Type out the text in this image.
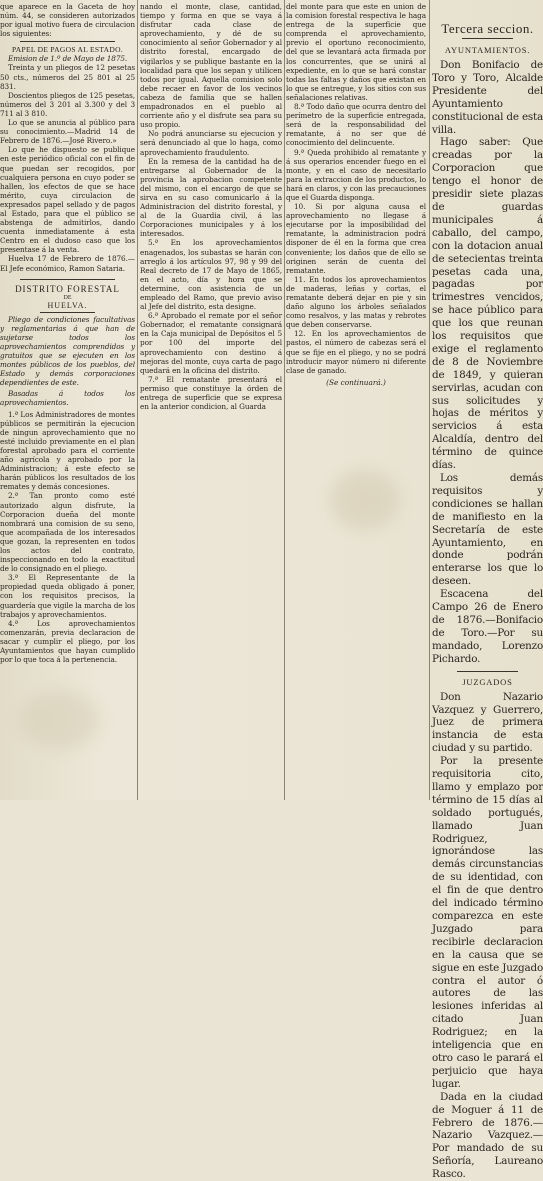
que aparece en la Gaceta de hoy núm. 44, se consideren autorizados por igual motivo fuera de circulacion los siguientes:

PAPEL DE PAGOS AL ESTADO.

Emision de 1.º de Mayo de 1875.

Treinta y un pliegos de 12 pesetas 50 cts., números del 25 801 al 25 831.

Doscientos pliegos de 125 pesetas, números del 3 201 al 3.300 y del 3 711 al 3 810.

Lo que se anuncia al público para su conocimiento.—Madrid 14 de Febrero de 1876.—José Rivero.»

Lo que he dispuesto se publique en este periódico oficial con el fin de que puedan ser recogidos, por cualquiera persona en cuyo poder se hallen, los efectos de que se hace mérito, cuya circulacion de expresados papel sellado y de pagos al Estado, para que el público se abstenga de admitirlos, dando cuenta inmediatamente á esta Centro en el dudoso caso que los presentase á la venta.

Huelva 17 de Febrero de 1876.—El Jefe económico, Ramon Sataria.

DISTRITO FORESTAL

DE

HUELVA.

Pliego de condiciones facultativas y reglamentarias á que han de sujetarse todos los aprovechamientos comprendidos y gratuitos que se ejecuten en los montes públicos de los pueblos, del Estado y demás corporaciones dependientes de este.

Basadas á todos los aprovechamientos.

1.ª Los Administradores de montes públicos se permitirán la ejecucion de ningun aprovechamiento que no esté incluido previamente en el plan forestal aprobado para el corriente año agrícola y aprobado por la Administracion; á este efecto se harán públicos los resultados de los remates y demás concesiones.

2.ª Tan pronto como esté autorizado algun disfrute, la Corporacion dueña del monte nombrará una comision de su seno, que acompañada de los interesados que gozan, la representen en todos los actos del contrato, inspeccionando en todo la exactitud de lo consignado en el pliego.

3.ª El Representante de la propiedad queda obligado á poner, con los requisitos precisos, la guardería que vigile la marcha de los trabajos y aprovechamientos.

4.ª Los aprovechamientos comenzarán, previa declaracion de sacar y cumplir el pliego, por los Ayuntamientos que hayan cumplido por lo que toca á la pertenencia.

nando el monte, clase, cantidad, tiempo y forma en que se vaya á disfrutar cada clase de aprovechamiento, y dé de su conocimiento al señor Gobernador y al distrito forestal, encargado de vigilarlos y se publique bastante en la localidad para que los sepan y utilicen todos por igual. Aquella comision solo debe recaer en favor de los vecinos cabeza de familia que se hallen empadronados en el pueblo al corriente año y el disfrute sea para su uso propio.

No podrá anunciarse su ejecucion y será denunciado al que lo haga, como aprovechamiento fraudulento.

En la remesa de la cantidad ha de entregarse al Gobernador de la provincia la aprobacion competente del mismo, con el encargo de que se sirva en su caso comunicarlo á la Administracion del distrito forestal, y al de la Guardia civil, á las Corporaciones municipales y á los interesados.

5.ª En los aprovechamientos enagenados, los subastas se harán con arreglo á los artículos 97, 98 y 99 del Real decreto de 17 de Mayo de 1865, en el acto, día y hora que se determine, con asistencia de un empleado del Ramo, que previo aviso al Jefe del distrito, esta designe.

6.ª Aprobado el remate por el señor Gobernador, el rematante consignará en la Caja municipal de Depósitos el 5 por 100 del importe del aprovechamiento con destino á mejoras del monte, cuya carta de pago quedará en la oficina del distrito.

7.ª El rematante presentará el permiso que constituye la órden de entrega de superficie que se expresa en la anterior condicion, al Guarda

del monte para que este en union de la comision forestal respectiva le haga entrega de la superficie que comprenda el aprovechamiento, previo el oportuno reconocimiento, del que se levantará acta firmada por los concurrentes, que se unirá al expediente, en lo que se hará constar todas las faltas y daños que existan en lo que se entregue, y los sitios con sus señalaciones relativas.

8.ª Todo daño que ocurra dentro del perímetro de la superficie entregada, será de la responsabilidad del rematante, á no ser que dé conocimiento del delincuente.

9.ª Queda prohibido al rematante y á sus operarios encender fuego en el monte, y en el caso de necesitarlo para la extraccion de los productos, lo hará en claros, y con las precauciones que el Guarda disponga.

10. Si por alguna causa el aprovechamiento no llegase á ejecutarse por la imposibilidad del rematante, la administracion podrá disponer de él en la forma que crea conveniente; los daños que de ello se originen serán de cuenta del rematante.

11. En todos los aprovechamientos de maderas, leñas y cortas, el rematante deberá dejar en pie y sin daño alguno los árboles señalados como resalvos, y las matas y rebrotes que deben conservarse.

12. En los aprovechamientos de pastos, el número de cabezas será el que se fije en el pliego, y no se podrá introducir mayor número ni diferente clase de ganado.

(Se continuará.)

Tercera seccion.

AYUNTAMIENTOS.

Don Bonifacio de Toro y Toro, Alcalde Presidente del Ayuntamiento constitucional de esta villa.

Hago saber: Que creadas por la Corporacion que tengo el honor de presidir siete plazas de guardas municipales á caballo, del campo, con la dotacion anual de setecientas treinta pesetas cada una, pagadas por trimestres vencidos, se hace público para que los que reunan los requisitos que exige el reglamento de 8 de Noviembre de 1849, y quieran servirlas, acudan con sus solicitudes y hojas de méritos y servicios á esta Alcaldía, dentro del término de quince días.

Los demás requisitos y condiciones se hallan de manifiesto en la Secretaría de este Ayuntamiento, en donde podrán enterarse los que lo deseen.

Escacena del Campo 26 de Enero de 1876.—Bonifacio de Toro.—Por su mandado, Lorenzo Pichardo.

JUZGADOS

Don Nazario Vazquez y Guerrero, Juez de primera instancia de esta ciudad y su partido.

Por la presente requisitoria cito, llamo y emplazo por término de 15 días al soldado portugués, llamado Juan Rodriguez, ignorándose las demás circunstancias de su identidad, con el fin de que dentro del indicado término comparezca en este Juzgado para recibirle declaracion en la causa que se sigue en este Juzgado contra el autor ó autores de las lesiones inferidas al citado Juan Rodriguez; en la inteligencia que en otro caso le parará el perjuicio que haya lugar.

Dada en la ciudad de Moguer á 11 de Febrero de 1876.—Nazario Vazquez.—Por mandado de su Señoría, Laureano Rasco.
